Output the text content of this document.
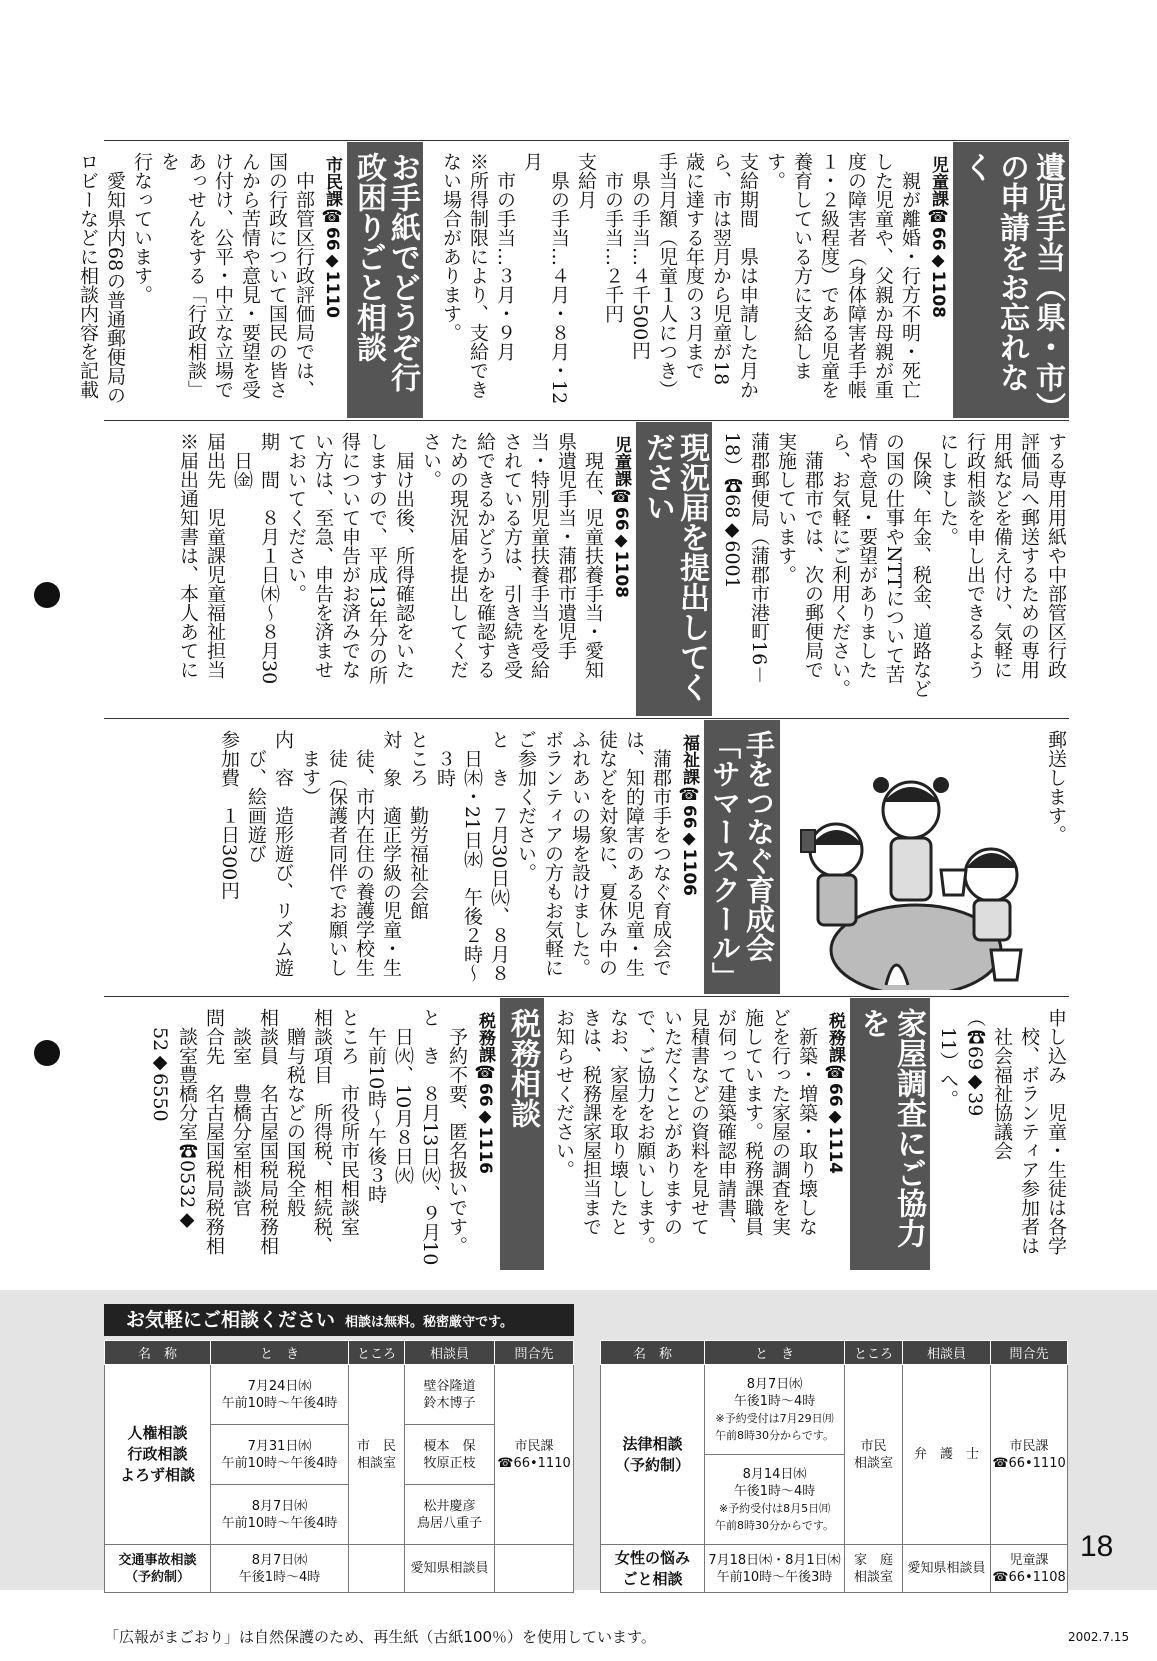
遺児手当（県・市）の申請をお忘れなく
児童課☎66◆1108
　親が離婚・行方不明・死亡
した児童や、父親か母親が重
度の障害者（身体障害者手帳
１・２級程度）である児童を
養育している方に支給します。
支給期間　県は申請した月か
ら、市は翌月から児童が18
歳に達する年度の３月まで
手当月額（児童１人につき）
　県の手当…４千500円
　市の手当…２千円
支給月
　県の手当…４月・８月・12月
　市の手当…３月・９月
※所得制限により、支給でき
ない場合があります。
お手紙でどうぞ行政困りごと相談
市民課☎66◆1110
　中部管区行政評価局では、
国の行政について国民の皆さ
んから苦情や意見・要望を受
け付け、公平・中立な立場で
あっせんをする「行政相談」を
行なっています。
　愛知県内68の普通郵便局の
ロビーなどに相談内容を記載
する専用用紙や中部管区行政
評価局へ郵送するための専用
用紙などを備え付け、気軽に
行政相談を申し出できるよう
にしました。
　保険、年金、税金、道路など
の国の仕事やNTTについて苦
情や意見・要望がありました
ら、お気軽にご利用ください。
　蒲郡市では、次の郵便局で
実施しています。
蒲郡郵便局（蒲郡市港町16－
18）☎68◆6001
現況届を提出してください
児童課☎66◆1108
　現在、児童扶養手当・愛知
県遺児手当・蒲郡市遺児手
当・特別児童扶養手当を受給
されている方は、引き続き受
給できるかどうかを確認する
ための現況届を提出してくだ
さい。
　届け出後、所得確認をいた
しますので、平成13年分の所
得について申告がお済みでな
い方は、至急、申告を済ませ
ておいてください。
期　間　８月１日㈭～８月30
　日㈮
届出先　児童課児童福祉担当
※届出通知書は、本人あてに
郵送します。
手をつなぐ育成会「サマースクール」
福祉課☎66◆1106
　蒲郡市手をつなぐ育成会で
は、知的障害のある児童・生
徒などを対象に、夏休み中の
ふれあいの場を設けました。
ボランティアの方もお気軽に
ご参加ください。
と　き　７月30日㈫、８月８
　日㈭・21日㈬　午後２時～
　３時
ところ　勤労福祉会館
対　象　適正学級の児童・生
　徒、市内在住の養護学校生
　徒（保護者同伴でお願いし
　ます）
内　容　造形遊び、リズム遊
　び、絵画遊び
参加費　１日300円
申し込み　児童・生徒は各学
　校、ボランティア参加者は
　社会福祉協議会（☎69◆39
　11）へ。
家屋調査にご協力を
税務課☎66◆1114
　新築・増築・取り壊しな
どを行った家屋の調査を実
施しています。税務課職員
が伺って建築確認申請書、
見積書などの資料を見せて
いただくことがありますの
で、ご協力をお願いします。
なお、家屋を取り壊したと
きは、税務課家屋担当まで
お知らせください。
税務相談
税務課☎66◆1116
　予約不要、匿名扱いです。
と　き　８月13日㈫、９月10
　日㈫、10月８日㈫
　午前10時～午後３時
ところ　市役所市民相談室
相談項目　所得税、相続税、
　贈与税などの国税全般
相談員　名古屋国税局税務相
　談室　豊橋分室相談官
問合先　名古屋国税局税務相
　談室豊橋分室☎0532◆
　52◆6550
お気軽にご相談ください 相談は無料。秘密厳守です。
名　称	と　き	ところ	相談員	問合先
人権相談
行政相談
よろず相談	7月24日㈬
午前10時～午後4時	市　民
相談室	壁谷隆道
鈴木博子	市民課
☎66•1110
	7月31日㈬
午前10時～午後4時		榎本　保
牧原正枝	
	8月7日㈬
午前10時～午後4時		松井慶彦
鳥居八重子	
交通事故相談
（予約制）	8月7日㈬
午後1時～4時		愛知県相談員	
名　称	と　き	ところ	相談員	問合先
法律相談
（予約制）	8月7日㈬
午後1時～4時
※予約受付は7月29日㈪
午前8時30分からです。	市民
相談室	弁　護　士	市民課
☎66•1110
	8月14日㈬
午後1時～4時
※予約受付は8月5日㈪
午前8時30分からです。			
女性の悩み
ごと相談	7月18日㈭・8月1日㈭
午前10時～午後3時	家　庭
相談室	愛知県相談員	児童課
☎66•1108
18
「広報がまごおり」は自然保護のため、再生紙（古紙100％）を使用しています。	2002.7.15
